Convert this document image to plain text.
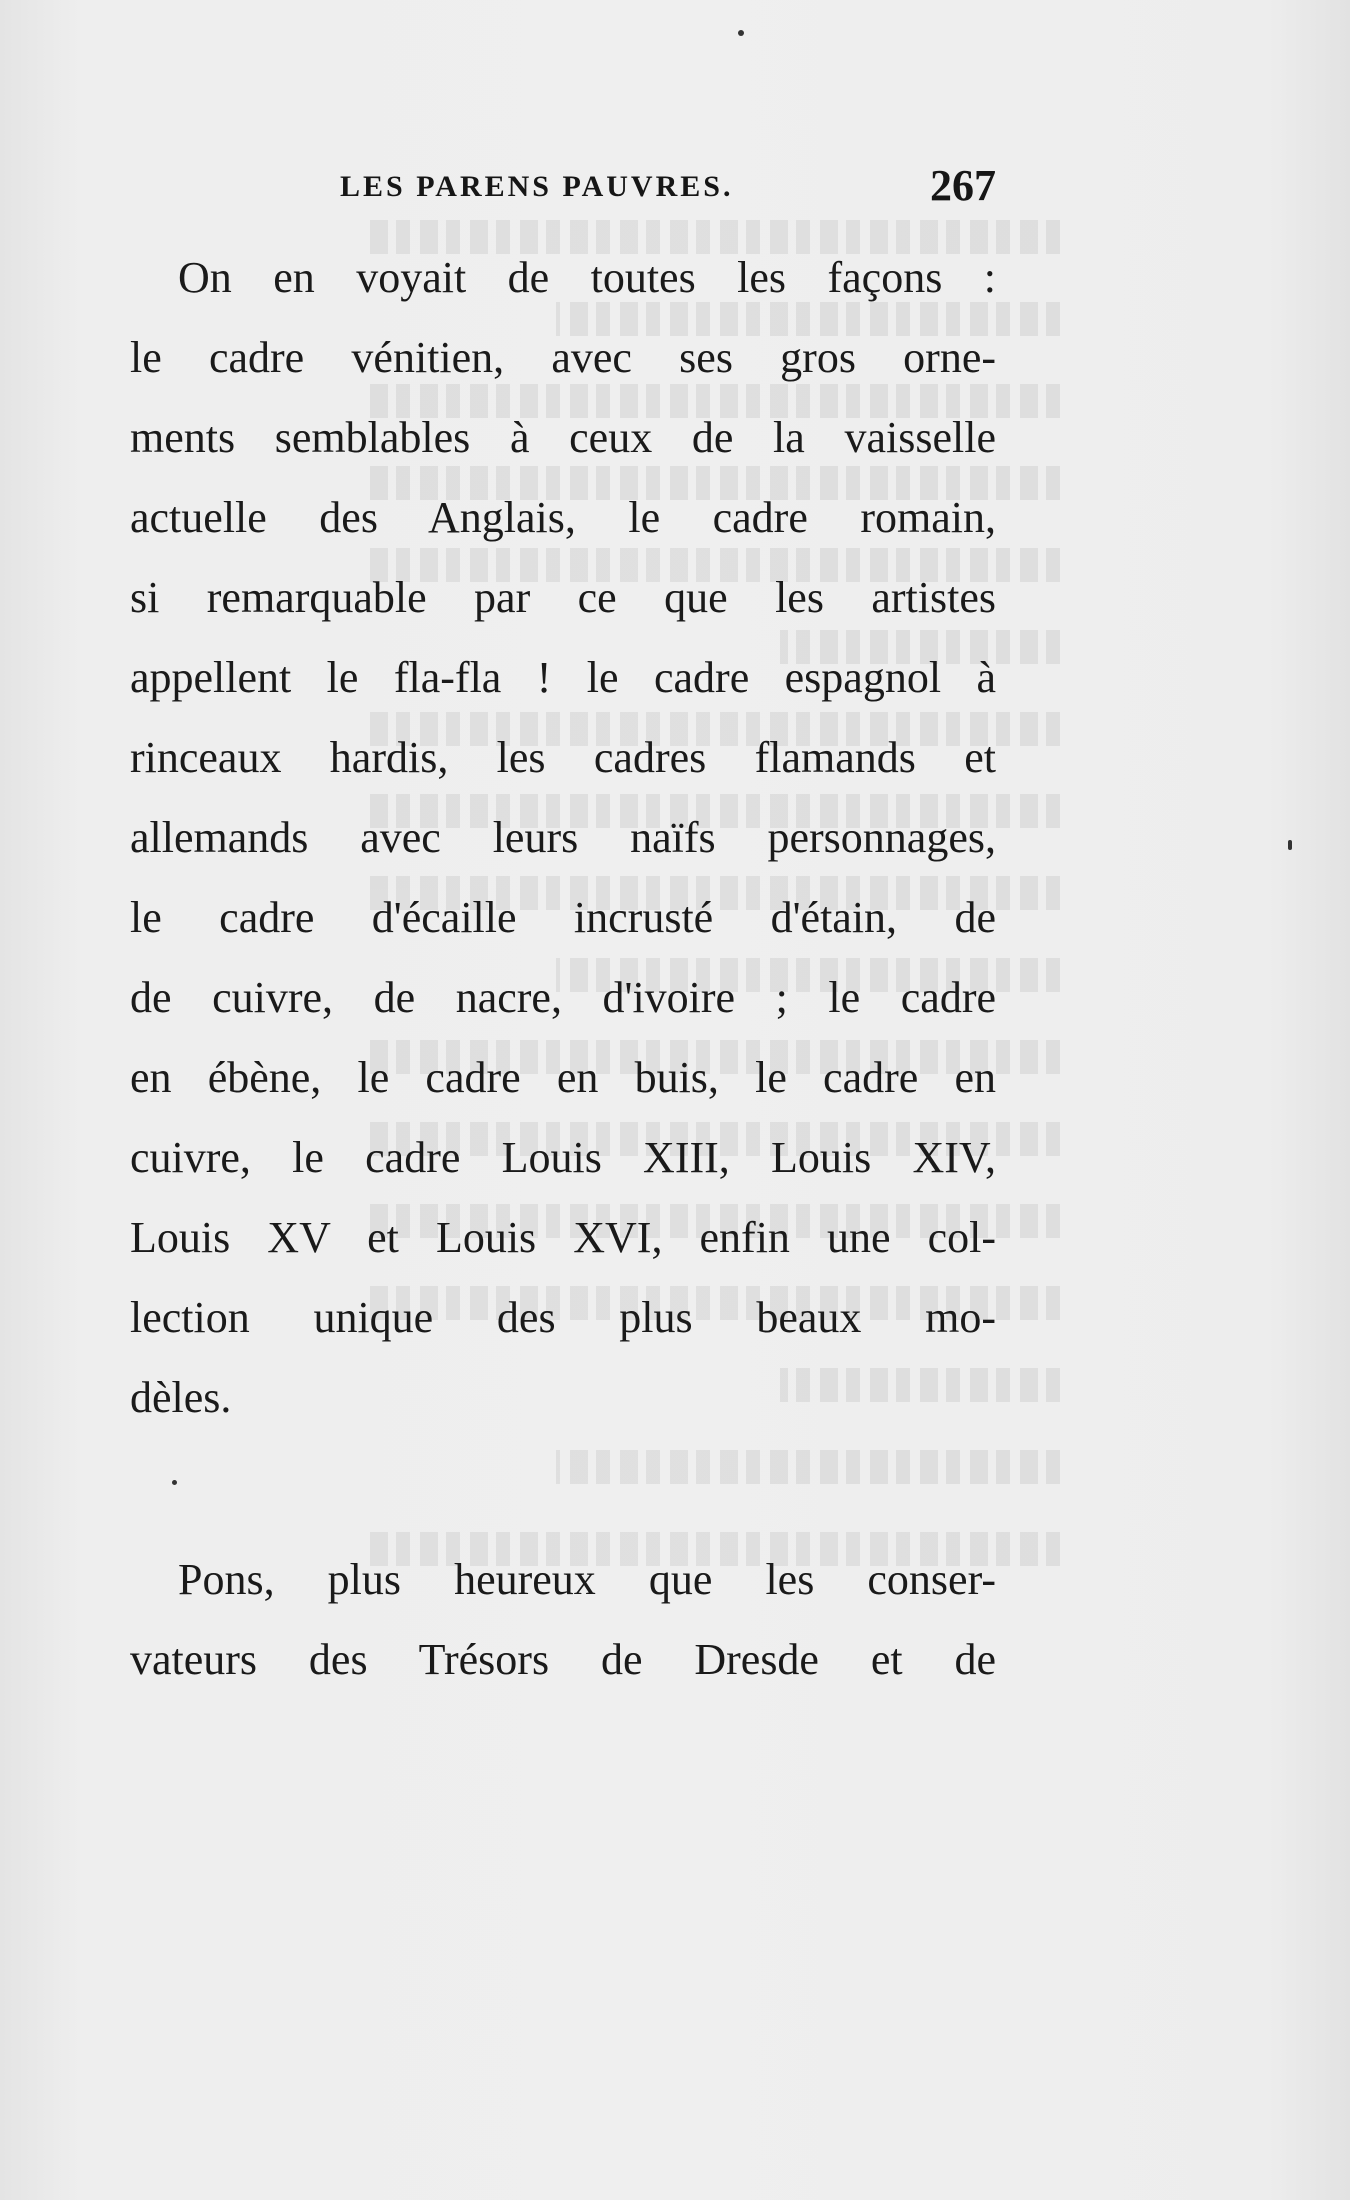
LES PARENS PAUVRES.	267
On en voyait de toutes les façons :
le cadre vénitien, avec ses gros orne-
ments semblables à ceux de la vaisselle
actuelle des Anglais, le cadre romain,
si remarquable par ce que les artistes
appellent le fla-fla ! le cadre espagnol à
rinceaux hardis, les cadres flamands et
allemands avec leurs naïfs personnages,
le cadre d'écaille incrusté d'étain, de
de cuivre, de nacre, d'ivoire ; le cadre
en ébène, le cadre en buis, le cadre en
cuivre, le cadre Louis XIII, Louis XIV,
Louis XV et Louis XVI, enfin une col-
lection unique des plus beaux mo-
dèles.
Pons, plus heureux que les conser-
vateurs des Trésors de Dresde et de
